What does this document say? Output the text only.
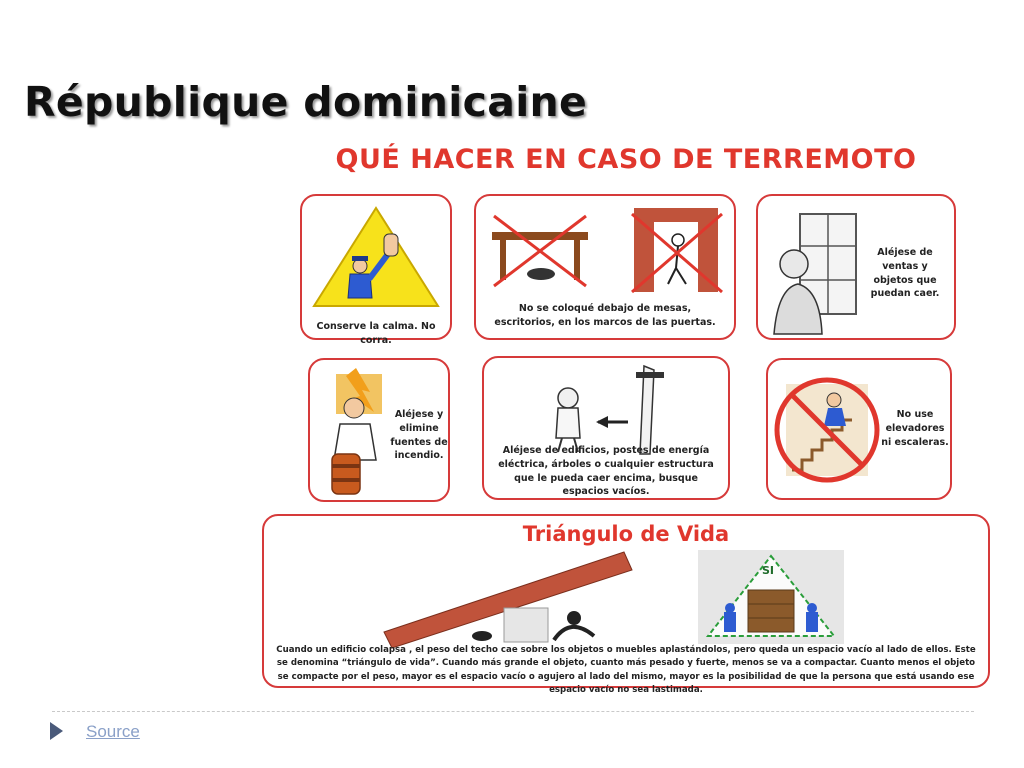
République dominicaine
QUÉ HACER EN CASO DE TERREMOTO
Conserve la calma. No corra.
No se coloqué debajo de mesas, escritorios, en los marcos de las puertas.
Aléjese de ventas y objetos que puedan caer.
Aléjese y elimine fuentes de incendio.	Aléjese de edificios, postes de energía eléctrica, árboles o cualquier estructura que le pueda caer encima, busque espacios vacíos.
No use elevadores ni escaleras.
Triángulo de Vida
SI
Cuando un edificio colapsa , el peso del techo cae sobre los objetos o muebles aplastándolos, pero queda un espacio vacío al lado de ellos. Este se denomina “triángulo de vida”. Cuando más grande el objeto, cuanto más pesado y fuerte, menos se va a compactar. Cuanto menos el objeto se compacte por el peso, mayor es el espacio vacío o agujero al lado del mismo, mayor es la posibilidad de que la persona que está usando ese espacio vacío no sea lastimada.
Source
